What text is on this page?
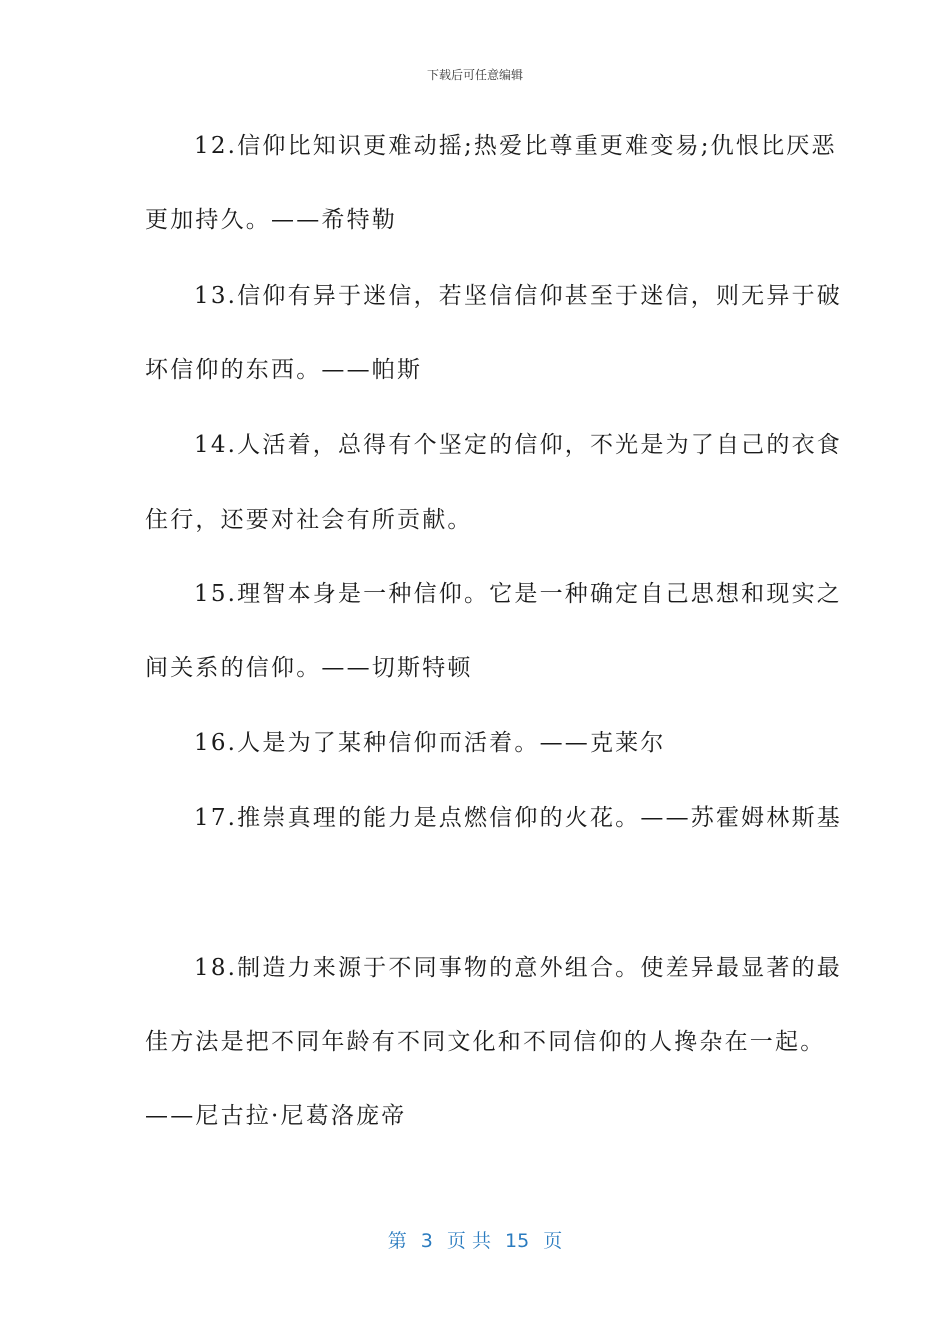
下载后可任意编辑
12.信仰比知识更难动摇;热爱比尊重更难变易;仇恨比厌恶
更加持久。——希特勒
13.信仰有异于迷信，若坚信信仰甚至于迷信，则无异于破
坏信仰的东西。——帕斯
14.人活着，总得有个坚定的信仰，不光是为了自己的衣食
住行，还要对社会有所贡献。
15.理智本身是一种信仰。它是一种确定自己思想和现实之
间关系的信仰。——切斯特顿
16.人是为了某种信仰而活着。——克莱尔
17.推崇真理的能力是点燃信仰的火花。——苏霍姆林斯基
18.制造力来源于不同事物的意外组合。使差异最显著的最
佳方法是把不同年龄有不同文化和不同信仰的人搀杂在一起。
——尼古拉·尼葛洛庞帝
第 3 页 共 15 页
